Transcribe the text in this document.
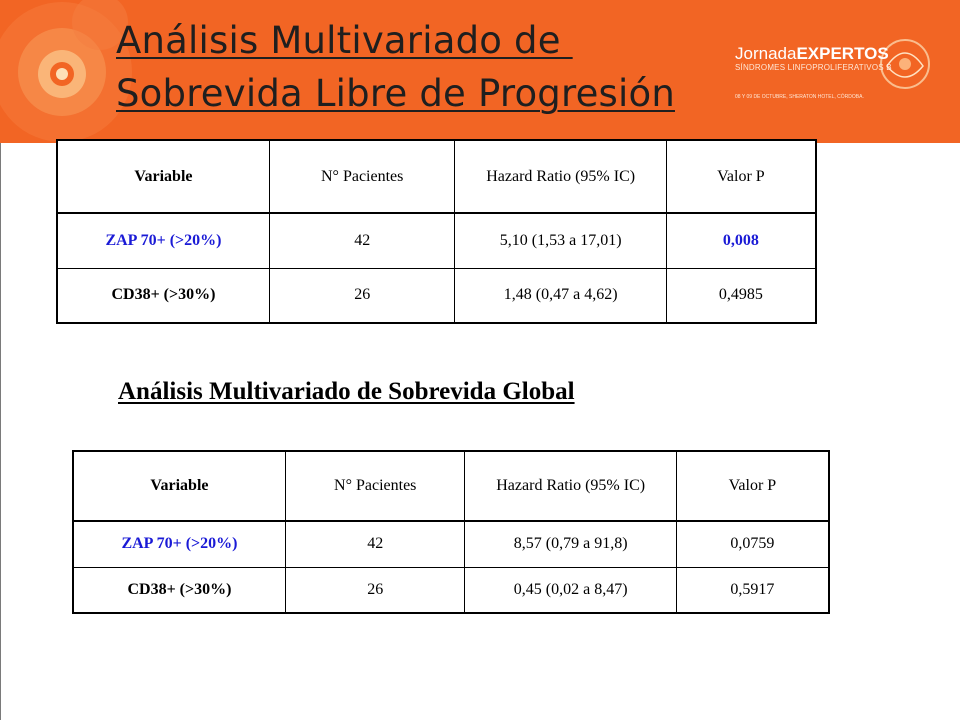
Análisis Multivariado de
Sobrevida Libre de Progresión
JornadaEXPERTOS
SÍNDROMES LINFOPROLIFERATIVOS B
08 Y 09 DE OCTUBRE, SHERATON HOTEL, CÓRDOBA.
Variable	N° Pacientes	Hazard Ratio (95% IC)	Valor P
ZAP 70+ (>20%)	42	5,10 (1,53 a 17,01)	0,008
CD38+ (>30%)	26	1,48 (0,47 a 4,62)	0,4985
Análisis Multivariado de Sobrevida Global
Variable	N° Pacientes	Hazard Ratio (95% IC)	Valor P
ZAP 70+ (>20%)	42	8,57 (0,79 a 91,8)	0,0759
CD38+ (>30%)	26	0,45 (0,02 a 8,47)	0,5917
